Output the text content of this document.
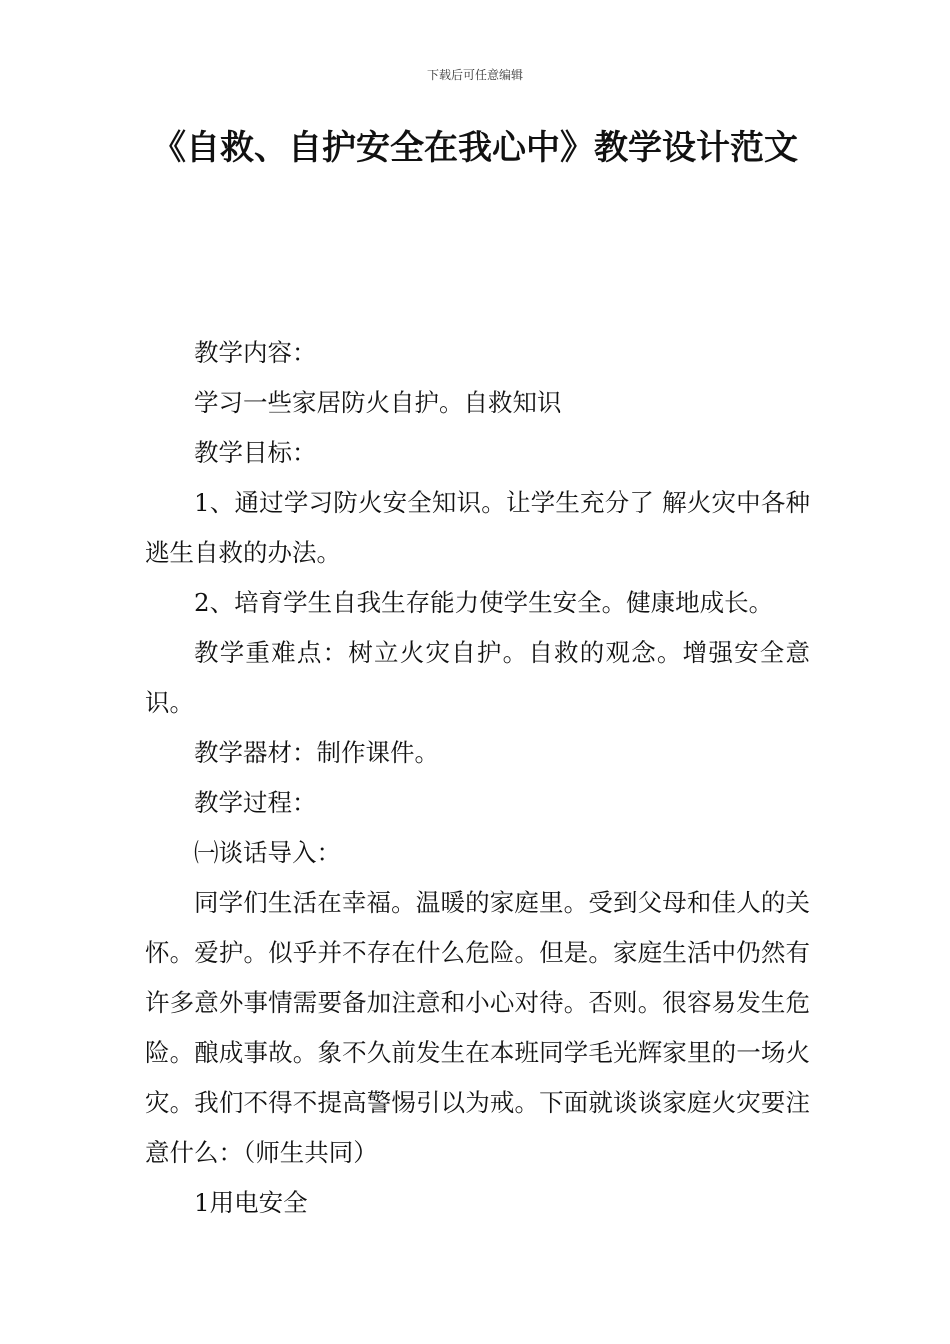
下载后可任意编辑
《自救、自护安全在我心中》教学设计范文

教学内容：

学习一些家居防火自护。自救知识

教学目标：

1、通过学习防火安全知识。让学生充分了 解火灾中各种逃生自救的办法。

2、培育学生自我生存能力使学生安全。健康地成长。

教学重难点：树立火灾自护。自救的观念。增强安全意识。

教学器材：制作课件。

教学过程：

㈠谈话导入：

同学们生活在幸福。温暖的家庭里。受到父母和佳人的关怀。爱护。似乎并不存在什么危险。但是。家庭生活中仍然有许多意外事情需要备加注意和小心对待。否则。很容易发生危险。酿成事故。象不久前发生在本班同学毛光辉家里的一场火灾。我们不得不提高警惕引以为戒。下面就谈谈家庭火灾要注意什么：（师生共同）

1用电安全
